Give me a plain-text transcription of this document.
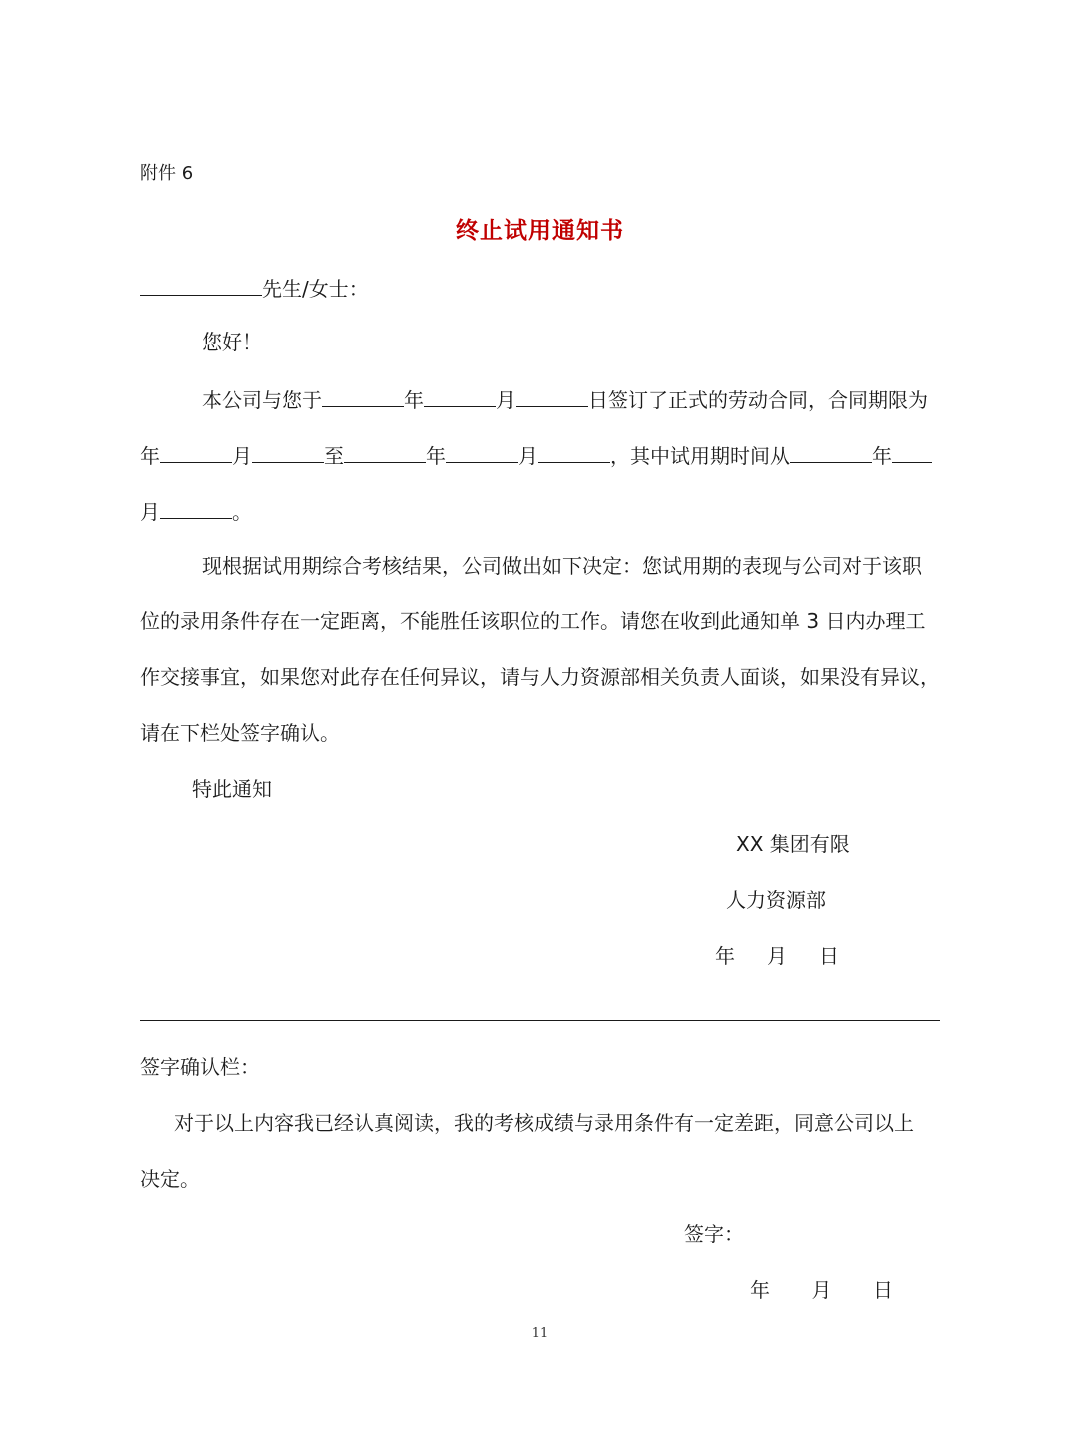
附件 6
终止试用通知书
先生/女士：
您好！
本公司与您于	年	月	日签订了正式的劳动合同，合同期限为
年	月	至	年	月	，其中试用期时间从	年
月	。
现根据试用期综合考核结果，公司做出如下决定：您试用期的表现与公司对于该职
位的录用条件存在一定距离，不能胜任该职位的工作。请您在收到此通知单 3 日内办理工
作交接事宜，如果您对此存在任何异议，请与人力资源部相关负责人面谈，如果没有异议，
请在下栏处签字确认。
特此通知
XX 集团有限
人力资源部
年 月 日
签字确认栏：
对于以上内容我已经认真阅读，我的考核成绩与录用条件有一定差距，同意公司以上
决定。
签字：
年 月 日
11
